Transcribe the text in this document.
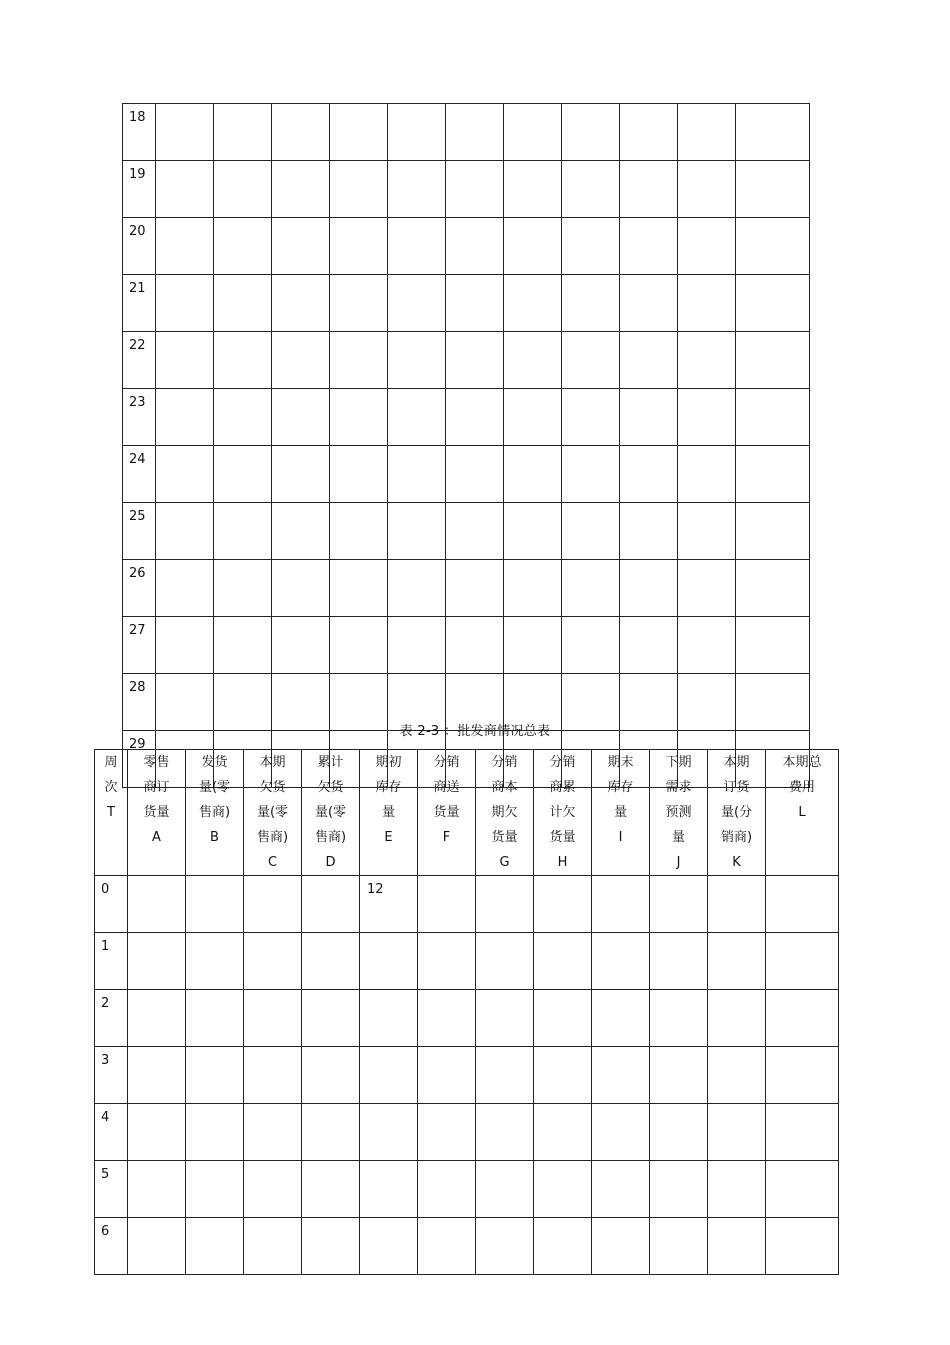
18											
19											
20											
21											
22											
23											
24											
25											
26											
27											
28											
29											
表 2-3 ：批发商情况总表
周
次
T	零售
商订
货量
A	发货
量(零
售商)
B	本期
欠货
量(零
售商)
C	累计
欠货
量(零
售商)
D	期初
库存
量
E	分销
商送
货量
F	分销
商本
期欠
货量
G	分销
商累
计欠
货量
H	期末
库存
量
I	下期
需求
预测
量
J	本期
订货
量(分
销商)
K	本期总
费用
L

0					12							
1												
2												
3												
4												
5												
6												
